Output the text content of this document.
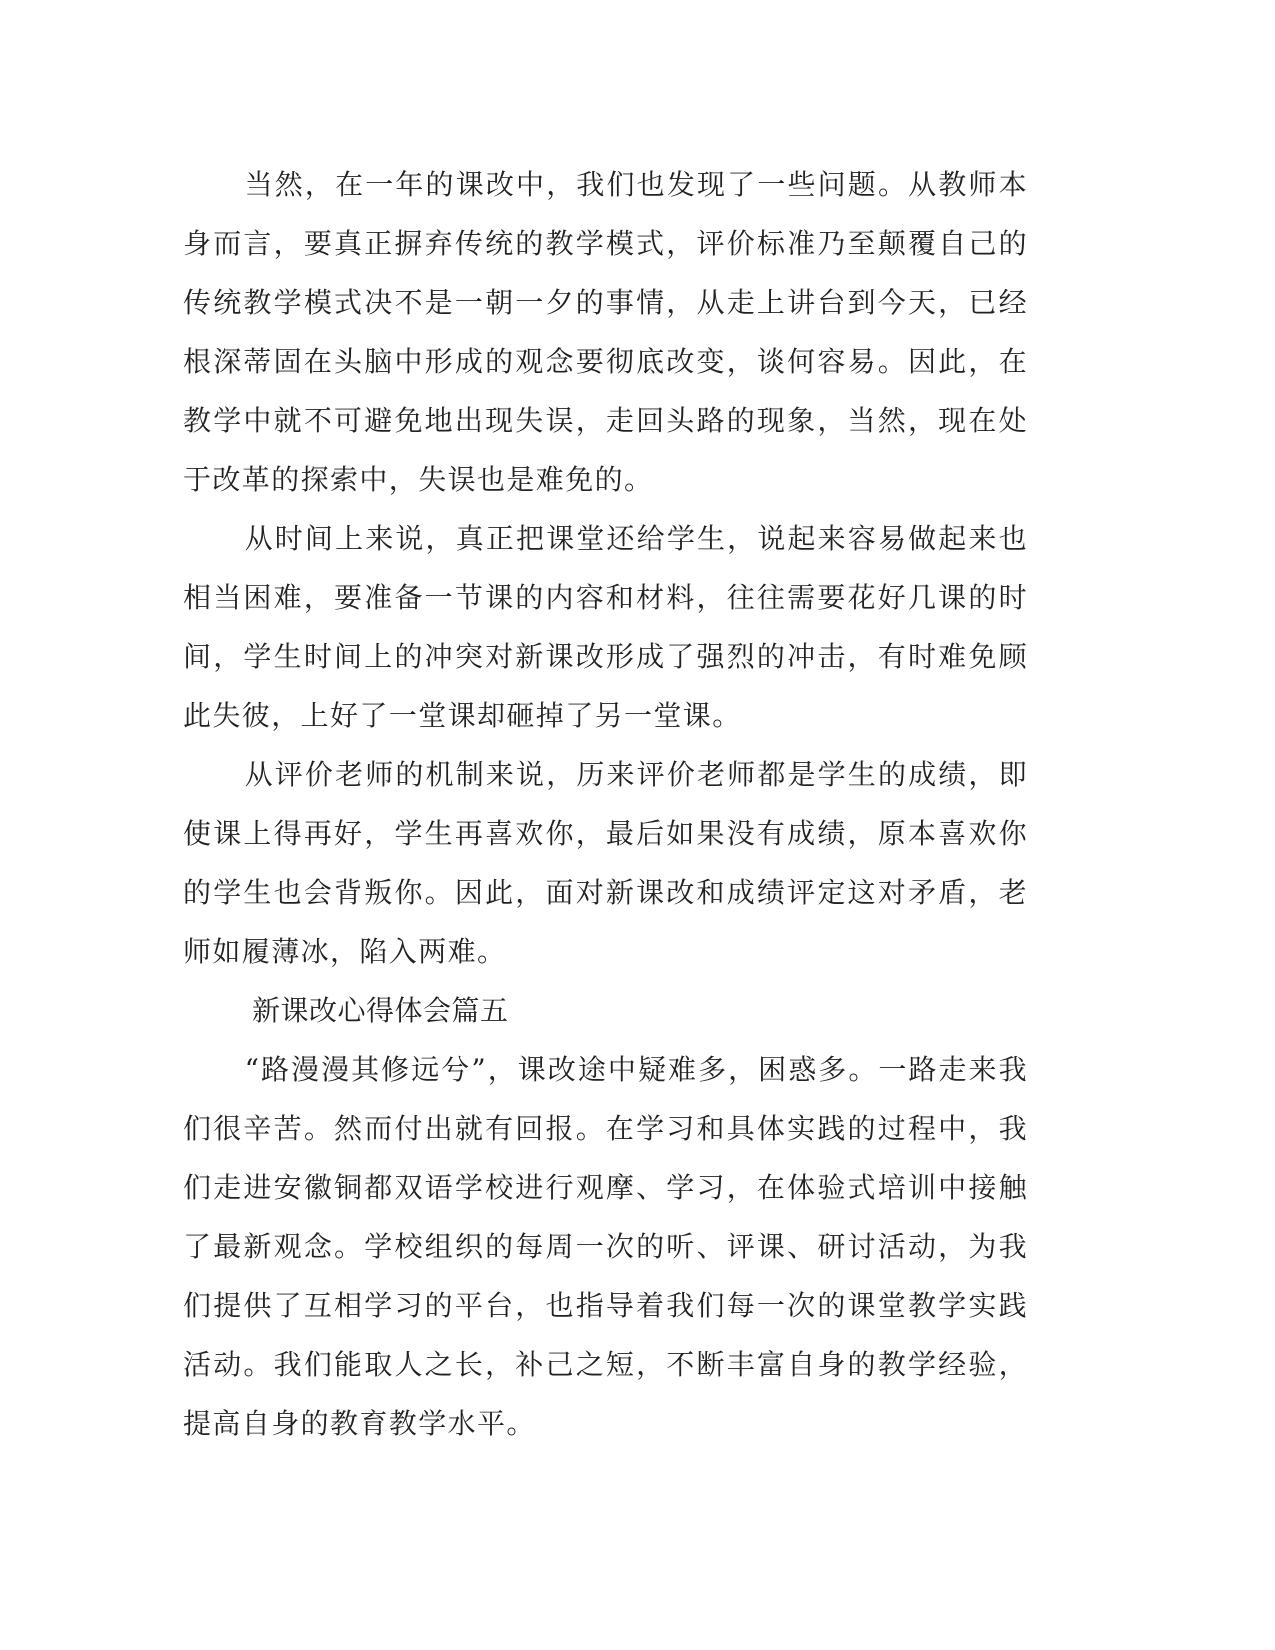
当然，在一年的课改中，我们也发现了一些问题。从教师本身而言，要真正摒弃传统的教学模式，评价标准乃至颠覆自己的传统教学模式决不是一朝一夕的事情，从走上讲台到今天，已经根深蒂固在头脑中形成的观念要彻底改变，谈何容易。因此，在教学中就不可避免地出现失误，走回头路的现象，当然，现在处于改革的探索中，失误也是难免的。

从时间上来说，真正把课堂还给学生，说起来容易做起来也相当困难，要准备一节课的内容和材料，往往需要花好几课的时间，学生时间上的冲突对新课改形成了强烈的冲击，有时难免顾此失彼，上好了一堂课却砸掉了另一堂课。

从评价老师的机制来说，历来评价老师都是学生的成绩，即使课上得再好，学生再喜欢你，最后如果没有成绩，原本喜欢你的学生也会背叛你。因此，面对新课改和成绩评定这对矛盾，老师如履薄冰，陷入两难。

新课改心得体会篇五

“路漫漫其修远兮”，课改途中疑难多，困惑多。一路走来我们很辛苦。然而付出就有回报。在学习和具体实践的过程中，我们走进安徽铜都双语学校进行观摩、学习，在体验式培训中接触了最新观念。学校组织的每周一次的听、评课、研讨活动，为我们提供了互相学习的平台，也指导着我们每一次的课堂教学实践活动。我们能取人之长，补己之短，不断丰富自身的教学经验，提高自身的教育教学水平。
